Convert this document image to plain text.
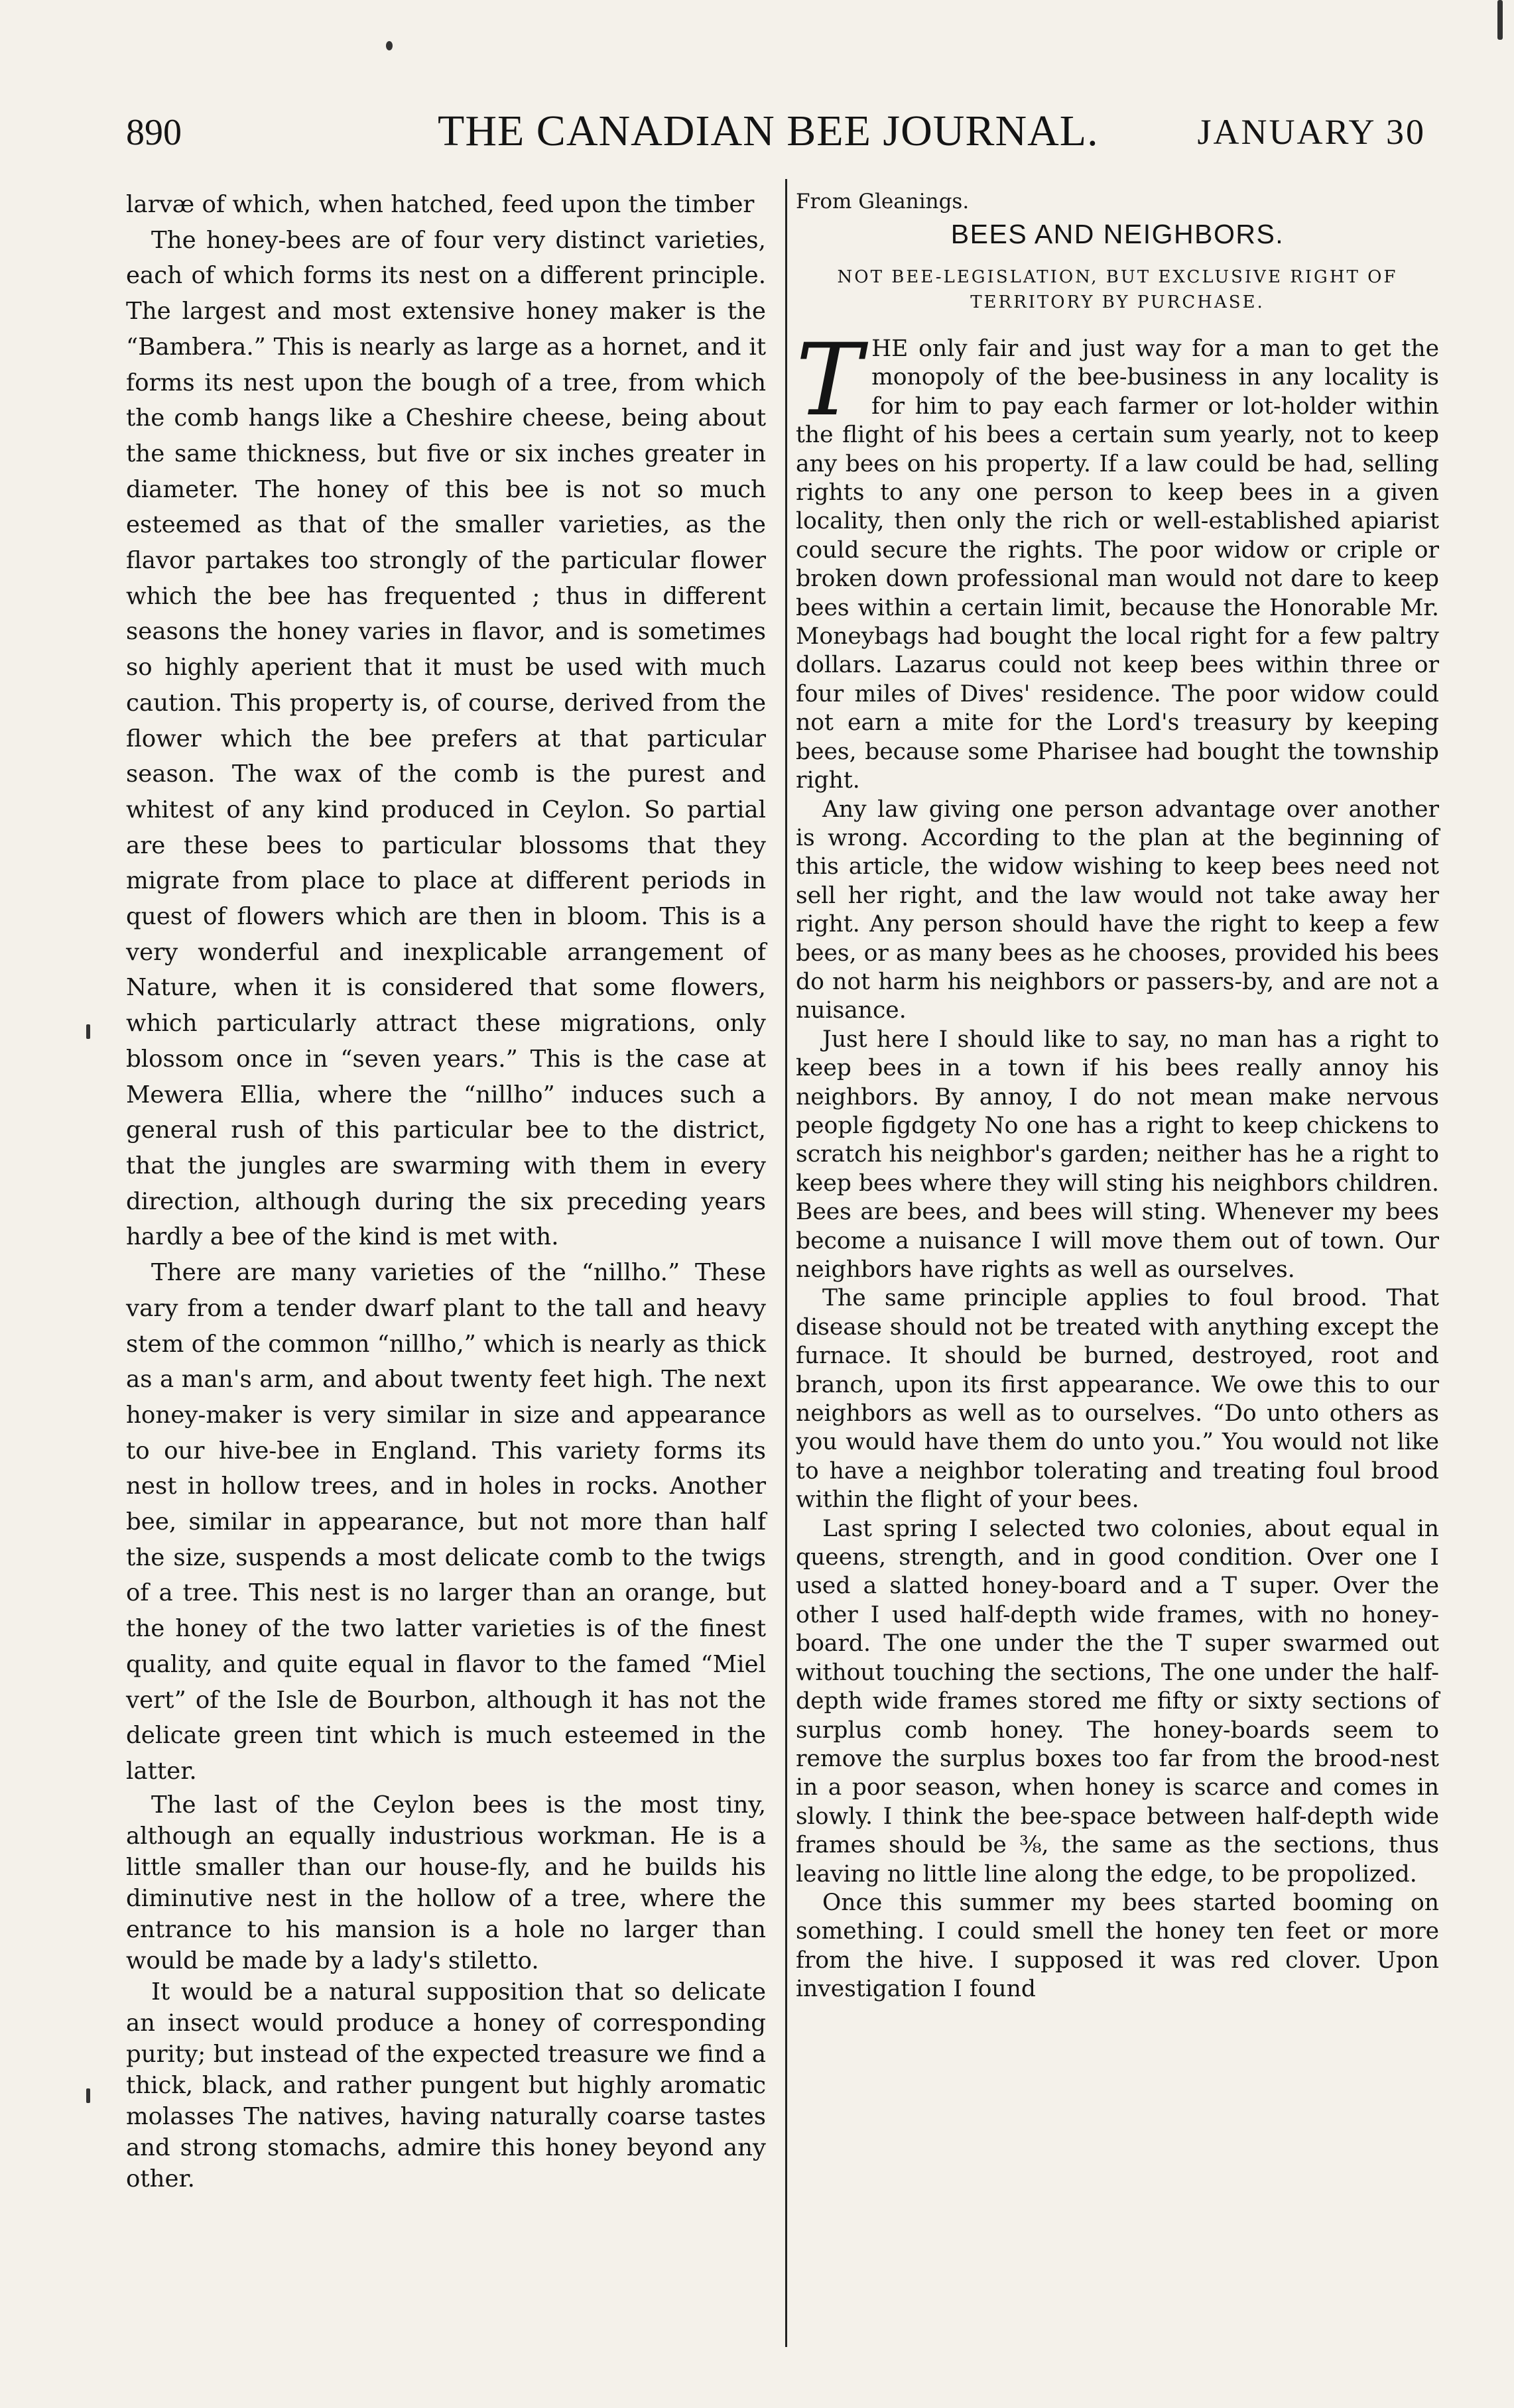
890	THE CANADIAN BEE JOURNAL.	JANUARY 30

larvæ of which, when hatched, feed upon the timber

The honey-bees are of four very distinct varieties, each of which forms its nest on a different principle. The largest and most extensive honey maker is the “Bambera.” This is nearly as large as a hornet, and it forms its nest upon the bough of a tree, from which the comb hangs like a Cheshire cheese, being about the same thickness, but five or six inches greater in diameter. The honey of this bee is not so much esteemed as that of the smaller varieties, as the flavor partakes too strongly of the particular flower which the bee has frequented ; thus in different seasons the honey varies in flavor, and is sometimes so highly aperient that it must be used with much caution. This property is, of course, derived from the flower which the bee prefers at that particular season. The wax of the comb is the purest and whitest of any kind produced in Ceylon. So partial are these bees to particular blossoms that they migrate from place to place at different periods in quest of flowers which are then in bloom. This is a very wonderful and inexplicable arrangement of Nature, when it is considered that some flowers, which particularly attract these migrations, only blossom once in “seven years.” This is the case at Mewera Ellia, where the “nillho” induces such a general rush of this particular bee to the district, that the jungles are swarming with them in every direction, although during the six preceding years hardly a bee of the kind is met with.

There are many varieties of the “nillho.” These vary from a tender dwarf plant to the tall and heavy stem of the common “nillho,” which is nearly as thick as a man's arm, and about twenty feet high. The next honey-maker is very similar in size and appearance to our hive-bee in England. This variety forms its nest in hollow trees, and in holes in rocks. Another bee, similar in appearance, but not more than half the size, suspends a most delicate comb to the twigs of a tree. This nest is no larger than an orange, but the honey of the two latter varieties is of the finest quality, and quite equal in flavor to the famed “Miel vert” of the Isle de Bourbon, although it has not the delicate green tint which is much esteemed in the latter.

The last of the Ceylon bees is the most tiny, although an equally industrious workman. He is a little smaller than our house-fly, and he builds his diminutive nest in the hollow of a tree, where the entrance to his mansion is a hole no larger than would be made by a lady's stiletto.

It would be a natural supposition that so delicate an insect would produce a honey of corresponding purity; but instead of the expected treasure we find a thick, black, and rather pungent but highly aromatic molasses The natives, having naturally coarse tastes and strong stomachs, admire this honey beyond any other.

From Gleanings.
BEES AND NEIGHBORS.
NOT BEE-LEGISLATION, BUT EXCLUSIVE RIGHT OF TERRITORY BY PURCHASE.

THE only fair and just way for a man to get the monopoly of the bee-business in any locality is for him to pay each farmer or lot-holder within the flight of his bees a certain sum yearly, not to keep any bees on his property. If a law could be had, selling rights to any one person to keep bees in a given locality, then only the rich or well-established apiarist could secure the rights. The poor widow or criple or broken down professional man would not dare to keep bees within a certain limit, because the Honorable Mr. Moneybags had bought the local right for a few paltry dollars. Lazarus could not keep bees within three or four miles of Dives' residence. The poor widow could not earn a mite for the Lord's treasury by keeping bees, because some Pharisee had bought the township right.

Any law giving one person advantage over another is wrong. According to the plan at the beginning of this article, the widow wishing to keep bees need not sell her right, and the law would not take away her right. Any person should have the right to keep a few bees, or as many bees as he chooses, provided his bees do not harm his neighbors or passers-by, and are not a nuisance.

Just here I should like to say, no man has a right to keep bees in a town if his bees really annoy his neighbors. By annoy, I do not mean make nervous people figdgety No one has a right to keep chickens to scratch his neighbor's garden; neither has he a right to keep bees where they will sting his neighbors children. Bees are bees, and bees will sting. Whenever my bees become a nuisance I will move them out of town. Our neighbors have rights as well as ourselves.

The same principle applies to foul brood. That disease should not be treated with anything except the furnace. It should be burned, destroyed, root and branch, upon its first appearance. We owe this to our neighbors as well as to ourselves. “Do unto others as you would have them do unto you.” You would not like to have a neighbor tolerating and treating foul brood within the flight of your bees.

Last spring I selected two colonies, about equal in queens, strength, and in good condition. Over one I used a slatted honey-board and a T super. Over the other I used half-depth wide frames, with no honey-board. The one under the the T super swarmed out without touching the sections, The one under the half-depth wide frames stored me fifty or sixty sections of surplus comb honey. The honey-boards seem to remove the surplus boxes too far from the brood-nest in a poor season, when honey is scarce and comes in slowly. I think the bee-space between half-depth wide frames should be ⅜, the same as the sections, thus leaving no little line along the edge, to be propolized.

Once this summer my bees started booming on something. I could smell the honey ten feet or more from the hive. I supposed it was red clover. Upon investigation I found
